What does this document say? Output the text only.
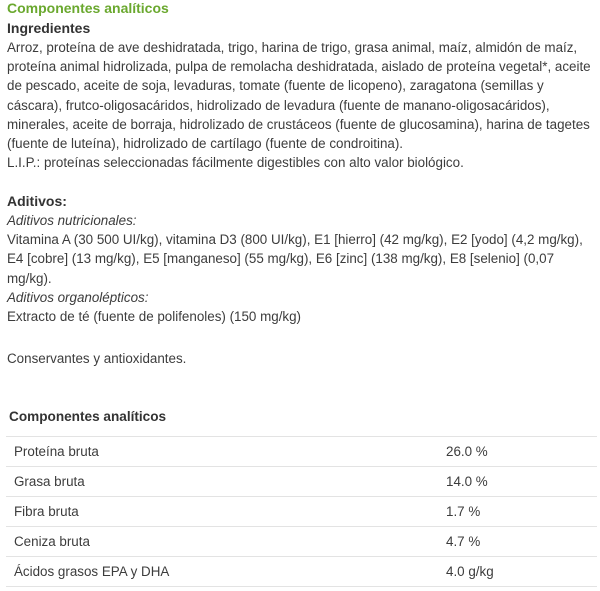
Componentes analíticos
Ingredientes

Arroz, proteína de ave deshidratada, trigo, harina de trigo, grasa animal, maíz, almidón de maíz, proteína animal hidrolizada, pulpa de remolacha deshidratada, aislado de proteína vegetal*, aceite de pescado, aceite de soja, levaduras, tomate (fuente de licopeno), zaragatona (semillas y cáscara), frutco-oligosacáridos, hidrolizado de levadura (fuente de manano-oligosacáridos), minerales, aceite de borraja, hidrolizado de crustáceos (fuente de glucosamina), harina de tagetes (fuente de luteína), hidrolizado de cartílago (fuente de condroitina).

L.I.P.: proteínas seleccionadas fácilmente digestibles con alto valor biológico.

Aditivos:

Aditivos nutricionales:

Vitamina A (30 500 UI/kg), vitamina D3 (800 UI/kg), E1 [hierro] (42 mg/kg), E2 [yodo] (4,2 mg/kg), E4 [cobre] (13 mg/kg), E5 [manganeso] (55 mg/kg), E6 [zinc] (138 mg/kg), E8 [selenio] (0,07 mg/kg).

Aditivos organolépticos:

Extracto de té (fuente de polifenoles) (150 mg/kg)

Conservantes y antioxidantes.

Componentes analíticos
Proteína bruta	26.0 %
Grasa bruta	14.0 %
Fibra bruta	1.7 %
Ceniza bruta	4.7 %
Ácidos grasos EPA y DHA	4.0 g/kg
